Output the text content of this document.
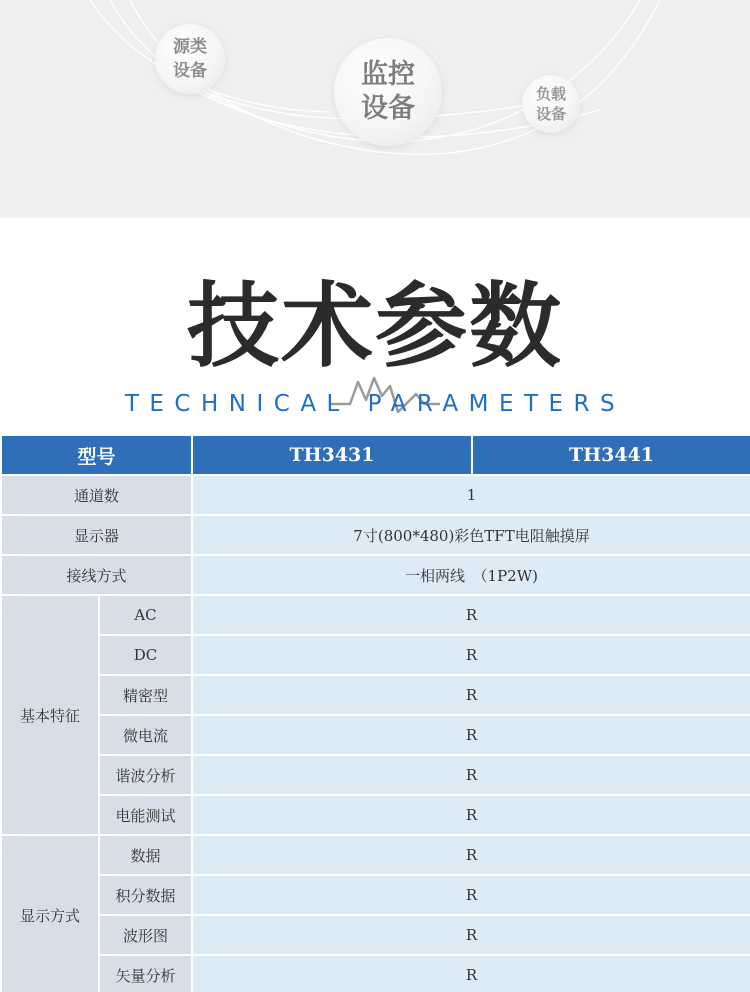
源类
设备	监控
设备	负载
设备
技术参数
TECHNICAL PARAMETERS
型号		TH3431	TH3441
通道数		1	
显示器		7寸(800*480)彩色TFT电阻触摸屏	
接线方式		一相两线　（1P2W)	
基本特征	AC	R	
	DC	R	
	精密型	R	
	微电流	R	
	谐波分析	R	
	电能测试	R	
显示方式	数据	R	
	积分数据	R	
	波形图	R	
	矢量分析	R	
